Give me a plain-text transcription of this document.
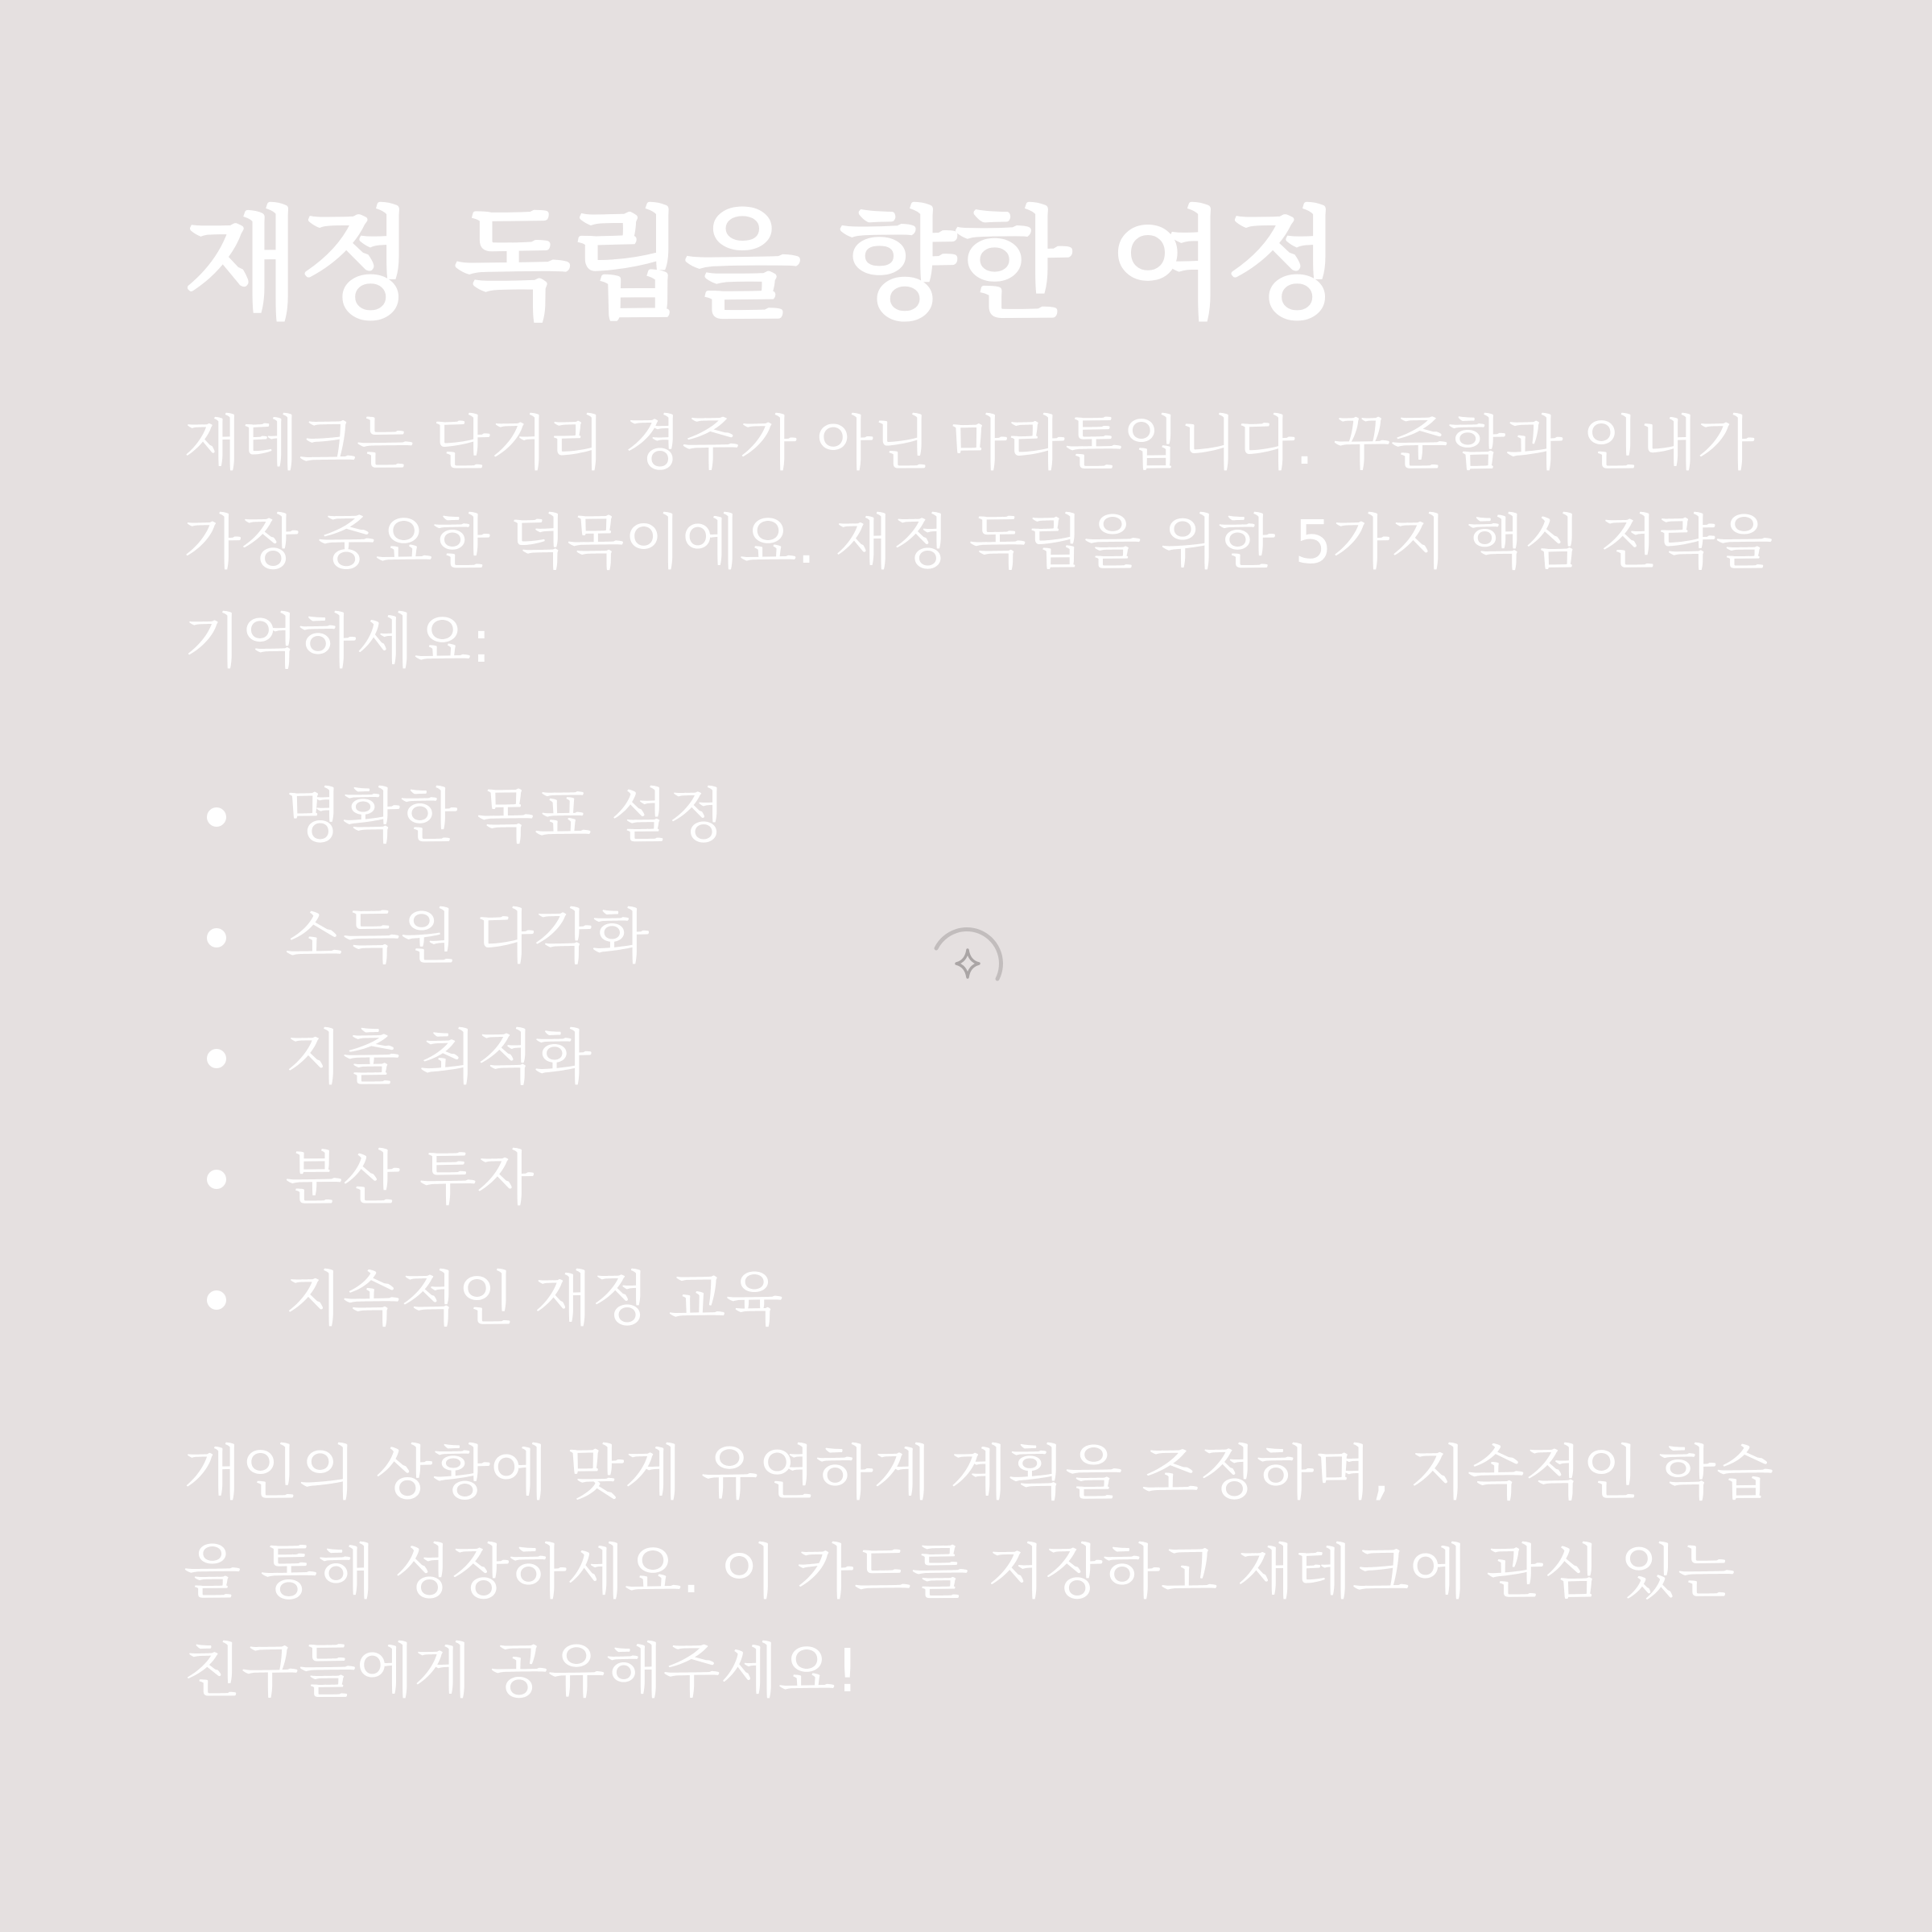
재정 독립을 향한 여정

재테크는 단거리 경주가 아닌 마라톤입니다. 꾸준함과 인내가 가장 중요한 덕목이에요. 재정 독립을 위한 5가지 핵심 전략을 기억하세요:

명확한 목표 설정
소득원 다각화
지출 최적화
분산 투자
지속적인 재정 교육

개인의 상황에 맞게 유연하게 계획을 조정하며, 지속적인 학습을 통해 성장하세요. 이 카드를 저장하고 재테크에 관심 있는 친구들에게 공유해주세요!
